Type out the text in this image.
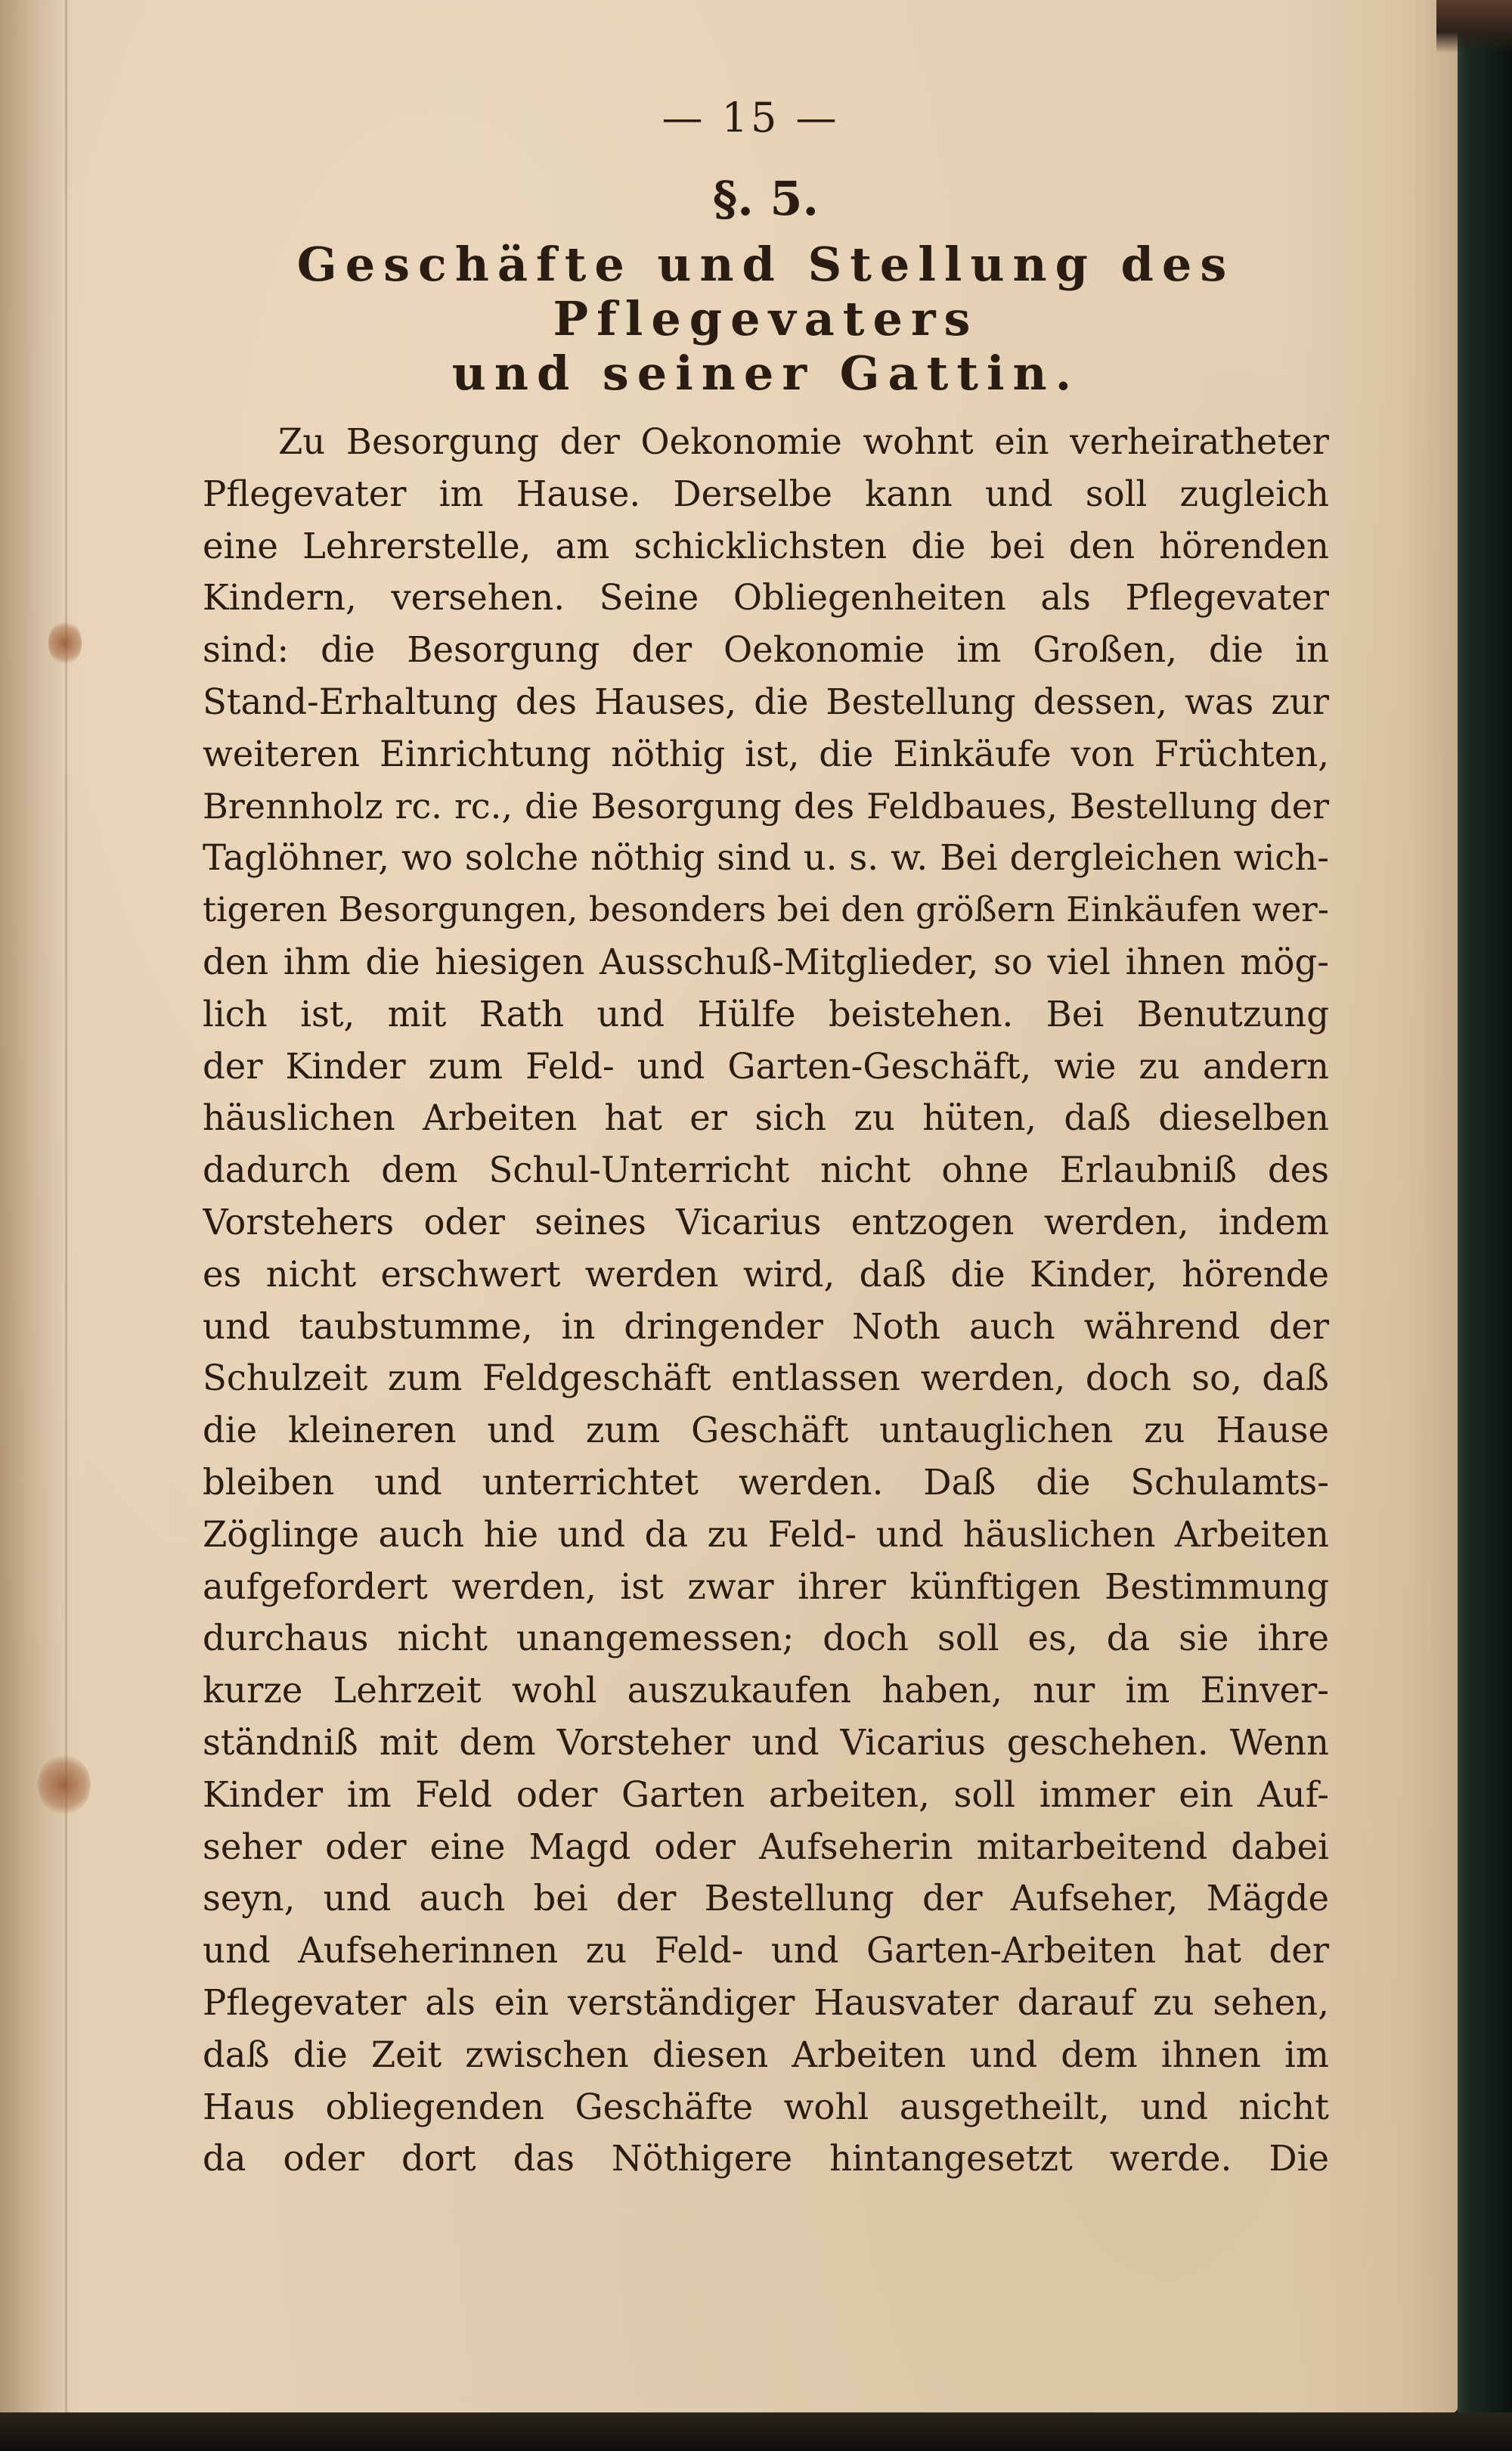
— 15 —
§. 5.
Geschäfte und Stellung des Pflegevaters
und seiner Gattin.
Zu Besorgung der Oekonomie wohnt ein verheiratheter
Pflegevater im Hause. Derselbe kann und soll zugleich
eine Lehrerstelle, am schicklichsten die bei den hörenden
Kindern, versehen. Seine Obliegenheiten als Pflegevater
sind: die Besorgung der Oekonomie im Großen, die in
Stand-Erhaltung des Hauses, die Bestellung dessen, was zur
weiteren Einrichtung nöthig ist, die Einkäufe von Früchten,
Brennholz rc. rc., die Besorgung des Feldbaues, Bestellung der
Taglöhner, wo solche nöthig sind u. s. w. Bei dergleichen wich-
tigeren Besorgungen, besonders bei den größern Einkäufen wer-
den ihm die hiesigen Ausschuß-Mitglieder, so viel ihnen mög-
lich ist, mit Rath und Hülfe beistehen. Bei Benutzung
der Kinder zum Feld- und Garten-Geschäft, wie zu andern
häuslichen Arbeiten hat er sich zu hüten, daß dieselben
dadurch dem Schul-Unterricht nicht ohne Erlaubniß des
Vorstehers oder seines Vicarius entzogen werden, indem
es nicht erschwert werden wird, daß die Kinder, hörende
und taubstumme, in dringender Noth auch während der
Schulzeit zum Feldgeschäft entlassen werden, doch so, daß
die kleineren und zum Geschäft untauglichen zu Hause
bleiben und unterrichtet werden. Daß die Schulamts-
Zöglinge auch hie und da zu Feld- und häuslichen Arbeiten
aufgefordert werden, ist zwar ihrer künftigen Bestimmung
durchaus nicht unangemessen; doch soll es, da sie ihre
kurze Lehrzeit wohl auszukaufen haben, nur im Einver-
ständniß mit dem Vorsteher und Vicarius geschehen. Wenn
Kinder im Feld oder Garten arbeiten, soll immer ein Auf-
seher oder eine Magd oder Aufseherin mitarbeitend dabei
seyn, und auch bei der Bestellung der Aufseher, Mägde
und Aufseherinnen zu Feld- und Garten-Arbeiten hat der
Pflegevater als ein verständiger Hausvater darauf zu sehen,
daß die Zeit zwischen diesen Arbeiten und dem ihnen im
Haus obliegenden Geschäfte wohl ausgetheilt, und nicht
da oder dort das Nöthigere hintangesetzt werde. Die
